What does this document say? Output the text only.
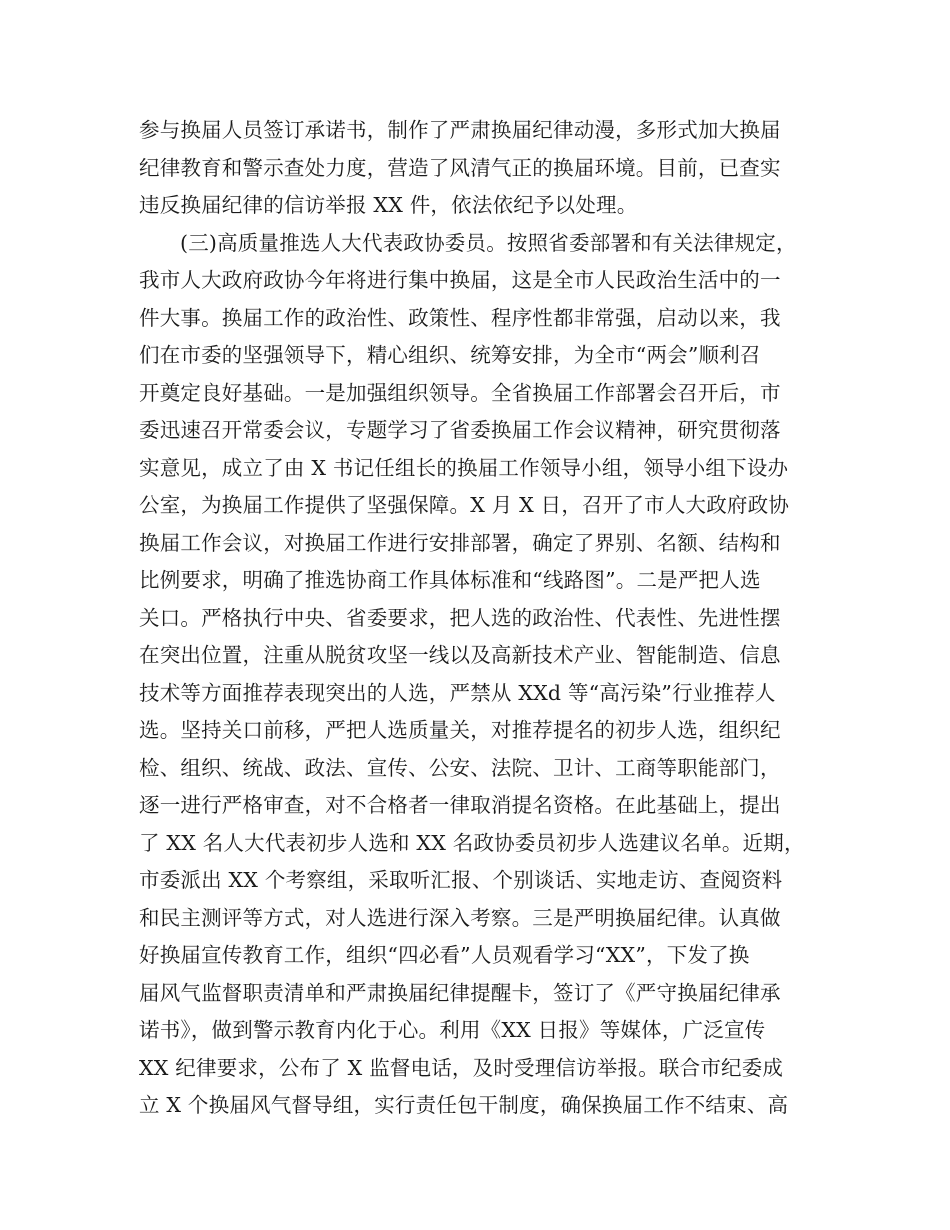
参与换届人员签订承诺书，制作了严肃换届纪律动漫，多形式加大换届
纪律教育和警示查处力度，营造了风清气正的换届环境。目前，已查实
违反换届纪律的信访举报 XX 件，依法依纪予以处理。
(三)高质量推选人大代表政协委员。按照省委部署和有关法律规定，
我市人大政府政协今年将进行集中换届，这是全市人民政治生活中的一
件大事。换届工作的政治性、政策性、程序性都非常强，启动以来，我
们在市委的坚强领导下，精心组织、统筹安排，为全市“两会”顺利召
开奠定良好基础。一是加强组织领导。全省换届工作部署会召开后，市
委迅速召开常委会议，专题学习了省委换届工作会议精神，研究贯彻落
实意见，成立了由 X 书记任组长的换届工作领导小组，领导小组下设办
公室，为换届工作提供了坚强保障。X 月 X 日，召开了市人大政府政协
换届工作会议，对换届工作进行安排部署，确定了界别、名额、结构和
比例要求，明确了推选协商工作具体标准和“线路图”。二是严把人选
关口。严格执行中央、省委要求，把人选的政治性、代表性、先进性摆
在突出位置，注重从脱贫攻坚一线以及高新技术产业、智能制造、信息
技术等方面推荐表现突出的人选，严禁从 XXd 等“高污染”行业推荐人
选。坚持关口前移，严把人选质量关，对推荐提名的初步人选，组织纪
检、组织、统战、政法、宣传、公安、法院、卫计、工商等职能部门，
逐一进行严格审查，对不合格者一律取消提名资格。在此基础上，提出
了 XX 名人大代表初步人选和 XX 名政协委员初步人选建议名单。近期，
市委派出 XX 个考察组，采取听汇报、个别谈话、实地走访、查阅资料
和民主测评等方式，对人选进行深入考察。三是严明换届纪律。认真做
好换届宣传教育工作，组织“四必看”人员观看学习“XX”，下发了换
届风气监督职责清单和严肃换届纪律提醒卡，签订了《严守换届纪律承
诺书》，做到警示教育内化于心。利用《XX 日报》等媒体，广泛宣传
XX 纪律要求，公布了 X 监督电话，及时受理信访举报。联合市纪委成
立 X 个换届风气督导组，实行责任包干制度，确保换届工作不结束、高
